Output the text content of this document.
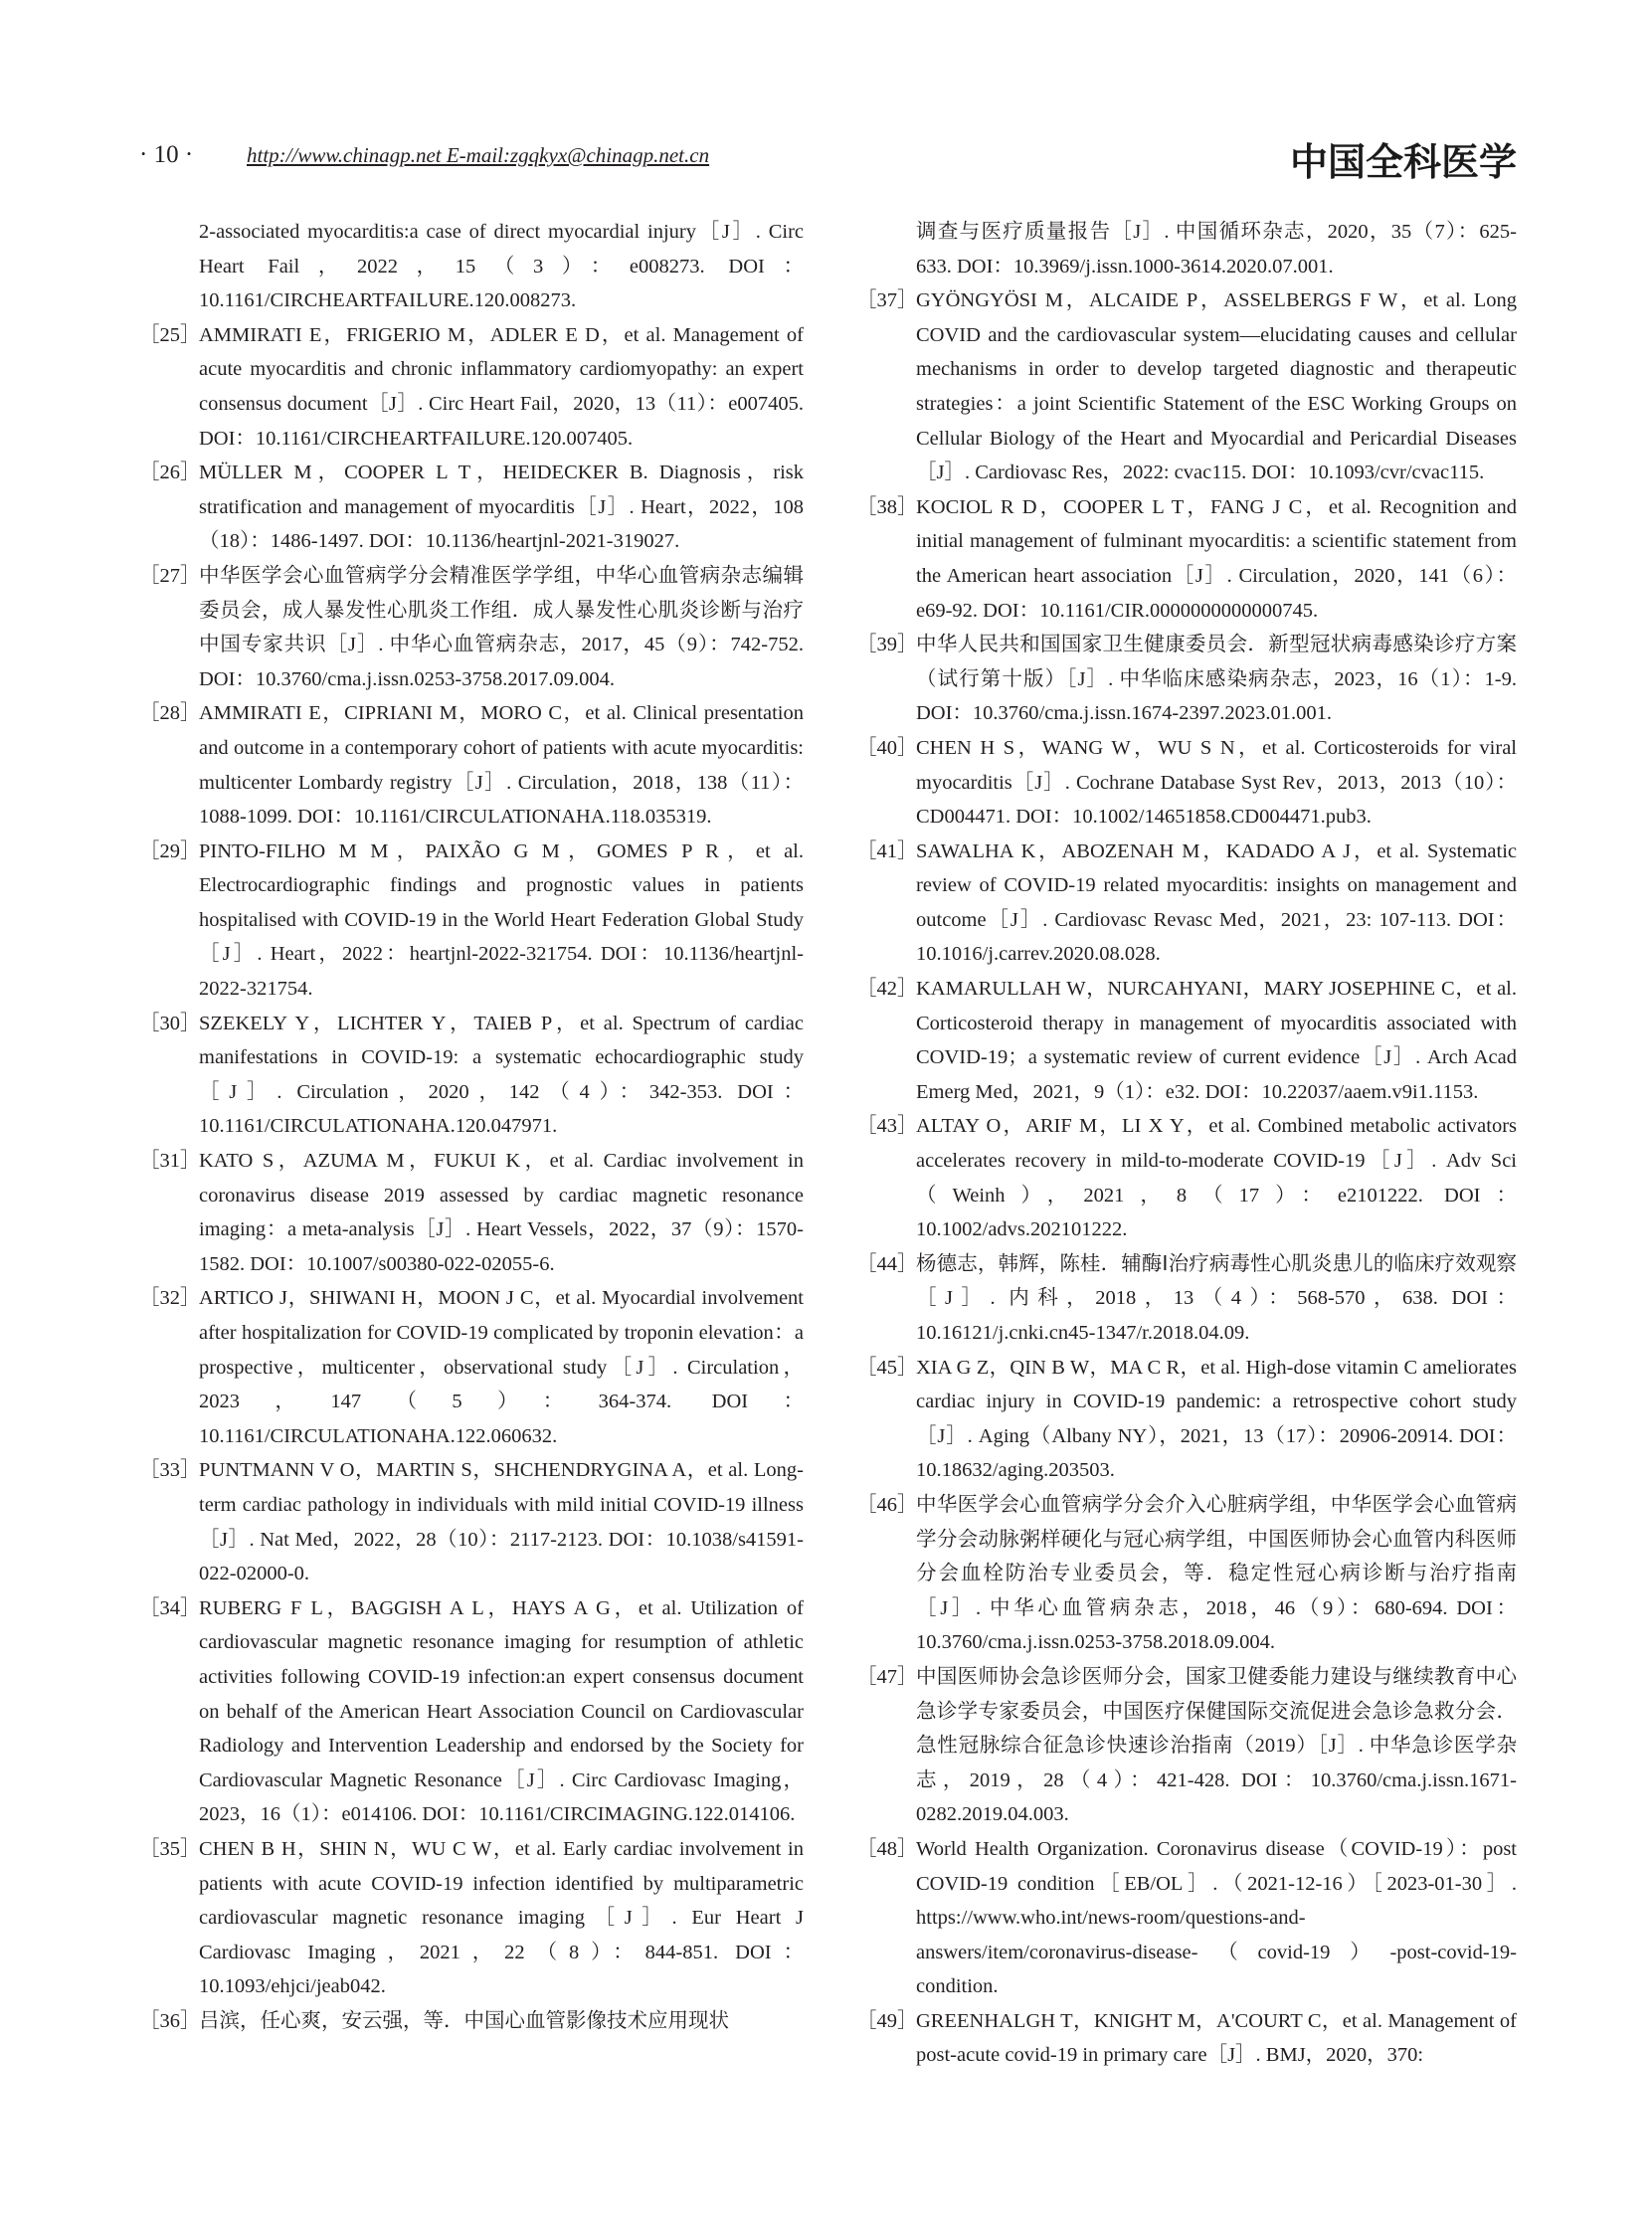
· 10 ·	http://www.chinagp.net E-mail:zgqkyx@chinagp.net.cn	中国全科医学
2-associated myocarditis:a case of direct myocardial injury［J］. Circ Heart Fail，2022，15（3）：e008273. DOI：10.1161/CIRCHEARTFAILURE.120.008273.
［25］
AMMIRATI E，FRIGERIO M，ADLER E D，et al. Management of acute myocarditis and chronic inflammatory cardiomyopathy: an expert consensus document［J］. Circ Heart Fail，2020，13（11）：e007405. DOI：10.1161/CIRCHEARTFAILURE.120.007405.
［26］
MÜLLER M，COOPER L T，HEIDECKER B. Diagnosis，risk stratification and management of myocarditis［J］. Heart，2022，108（18）：1486-1497. DOI：10.1136/heartjnl-2021-319027.
［27］
中华医学会心血管病学分会精准医学学组，中华心血管病杂志编辑委员会，成人暴发性心肌炎工作组．成人暴发性心肌炎诊断与治疗中国专家共识［J］. 中华心血管病杂志，2017，45（9）：742-752. DOI：10.3760/cma.j.issn.0253-3758.2017.09.004.
［28］
AMMIRATI E，CIPRIANI M，MORO C，et al. Clinical presentation and outcome in a contemporary cohort of patients with acute myocarditis: multicenter Lombardy registry［J］. Circulation，2018，138（11）：1088-1099. DOI：10.1161/CIRCULATIONAHA.118.035319.
［29］
PINTO-FILHO M M，PAIXÃO G M，GOMES P R，et al. Electrocardiographic findings and prognostic values in patients hospitalised with COVID-19 in the World Heart Federation Global Study［J］. Heart，2022：heartjnl-2022-321754. DOI：10.1136/heartjnl-2022-321754.
［30］
SZEKELY Y，LICHTER Y，TAIEB P，et al. Spectrum of cardiac manifestations in COVID-19: a systematic echocardiographic study［J］. Circulation，2020，142（4）：342-353. DOI：10.1161/CIRCULATIONAHA.120.047971.
［31］
KATO S，AZUMA M，FUKUI K，et al. Cardiac involvement in coronavirus disease 2019 assessed by cardiac magnetic resonance imaging：a meta-analysis［J］. Heart Vessels，2022，37（9）：1570-1582. DOI：10.1007/s00380-022-02055-6.
［32］
ARTICO J，SHIWANI H，MOON J C，et al. Myocardial involvement after hospitalization for COVID-19 complicated by troponin elevation：a prospective，multicenter，observational study［J］. Circulation，2023，147（5）：364-374. DOI：10.1161/CIRCULATIONAHA.122.060632.
［33］
PUNTMANN V O，MARTIN S，SHCHENDRYGINA A，et al. Long-term cardiac pathology in individuals with mild initial COVID-19 illness［J］. Nat Med，2022，28（10）：2117-2123. DOI：10.1038/s41591-022-02000-0.
［34］
RUBERG F L，BAGGISH A L，HAYS A G，et al. Utilization of cardiovascular magnetic resonance imaging for resumption of athletic activities following COVID-19 infection:an expert consensus document on behalf of the American Heart Association Council on Cardiovascular Radiology and Intervention Leadership and endorsed by the Society for Cardiovascular Magnetic Resonance［J］. Circ Cardiovasc Imaging，2023，16（1）：e014106. DOI：10.1161/CIRCIMAGING.122.014106.
［35］
CHEN B H，SHIN N，WU C W，et al. Early cardiac involvement in patients with acute COVID-19 infection identified by multiparametric cardiovascular magnetic resonance imaging［J］. Eur Heart J Cardiovasc Imaging，2021，22（8）：844-851. DOI：10.1093/ehjci/jeab042.
［36］
吕滨，任心爽，安云强，等．中国心血管影像技术应用现状
调查与医疗质量报告［J］. 中国循环杂志，2020，35（7）：625-633. DOI：10.3969/j.issn.1000-3614.2020.07.001.
［37］
GYÖNGYÖSI M，ALCAIDE P，ASSELBERGS F W，et al. Long COVID and the cardiovascular system—elucidating causes and cellular mechanisms in order to develop targeted diagnostic and therapeutic strategies：a joint Scientific Statement of the ESC Working Groups on Cellular Biology of the Heart and Myocardial and Pericardial Diseases［J］. Cardiovasc Res，2022: cvac115. DOI：10.1093/cvr/cvac115.
［38］
KOCIOL R D，COOPER L T，FANG J C，et al. Recognition and initial management of fulminant myocarditis: a scientific statement from the American heart association［J］. Circulation，2020，141（6）：e69-92. DOI：10.1161/CIR.0000000000000745.
［39］
中华人民共和国国家卫生健康委员会．新型冠状病毒感染诊疗方案（试行第十版）［J］. 中华临床感染病杂志，2023，16（1）：1-9. DOI：10.3760/cma.j.issn.1674-2397.2023.01.001.
［40］
CHEN H S，WANG W，WU S N，et al. Corticosteroids for viral myocarditis［J］. Cochrane Database Syst Rev，2013，2013（10）：CD004471. DOI：10.1002/14651858.CD004471.pub3.
［41］
SAWALHA K，ABOZENAH M，KADADO A J，et al. Systematic review of COVID-19 related myocarditis: insights on management and outcome［J］. Cardiovasc Revasc Med，2021，23: 107-113. DOI：10.1016/j.carrev.2020.08.028.
［42］
KAMARULLAH W，NURCAHYANI，MARY JOSEPHINE C，et al. Corticosteroid therapy in management of myocarditis associated with COVID-19；a systematic review of current evidence［J］. Arch Acad Emerg Med，2021，9（1）：e32. DOI：10.22037/aaem.v9i1.1153.
［43］
ALTAY O，ARIF M，LI X Y，et al. Combined metabolic activators accelerates recovery in mild-to-moderate COVID-19［J］. Adv Sci（Weinh），2021，8（17）：e2101222. DOI：10.1002/advs.202101222.
［44］
杨德志，韩辉，陈桂．辅酶Ⅰ治疗病毒性心肌炎患儿的临床疗效观察［J］. 内科，2018，13（4）：568-570，638. DOI：10.16121/j.cnki.cn45-1347/r.2018.04.09.
［45］
XIA G Z，QIN B W，MA C R，et al. High-dose vitamin C ameliorates cardiac injury in COVID-19 pandemic: a retrospective cohort study［J］. Aging（Albany NY），2021，13（17）：20906-20914. DOI：10.18632/aging.203503.
［46］
中华医学会心血管病学分会介入心脏病学组，中华医学会心血管病学分会动脉粥样硬化与冠心病学组，中国医师协会心血管内科医师分会血栓防治专业委员会，等．稳定性冠心病诊断与治疗指南［J］. 中华心血管病杂志，2018，46（9）：680-694. DOI：10.3760/cma.j.issn.0253-3758.2018.09.004.
［47］
中国医师协会急诊医师分会，国家卫健委能力建设与继续教育中心急诊学专家委员会，中国医疗保健国际交流促进会急诊急救分会．急性冠脉综合征急诊快速诊治指南（2019）［J］. 中华急诊医学杂志，2019，28（4）：421-428. DOI：10.3760/cma.j.issn.1671-0282.2019.04.003.
［48］
World Health Organization. Coronavirus disease（COVID-19）：post COVID-19 condition［EB/OL］.（2021-12-16）［2023-01-30］. https://www.who.int/news-room/questions-and-answers/item/coronavirus-disease-（covid-19）-post-covid-19-condition.
［49］
GREENHALGH T，KNIGHT M，A'COURT C，et al. Management of post-acute covid-19 in primary care［J］. BMJ，2020，370:
